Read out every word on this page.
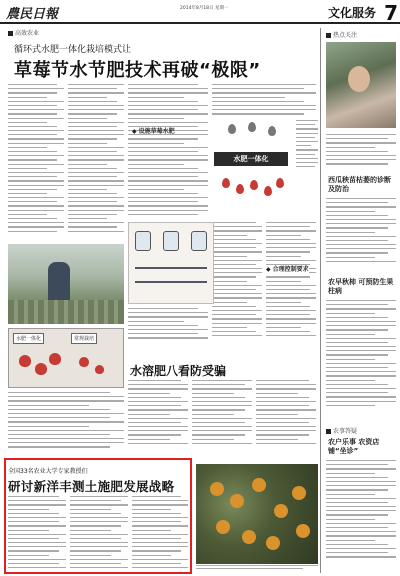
農民日報	2014年8月18日 星期一	文化服务 7
高效农业
循环式水肥一体化栽培模式让
草莓节水节肥技术再破“极限”
◆ 设施草莓水肥
水肥一体化
◆ 合理控制要求
水肥一体化	常规栽培
水溶肥八看防受骗
热点关注
西瓜秧苗枯萎的诊断及防治
农早秋柿 可预防生果柱病
农事答疑
农户乐事 农资店铺“坐诊”
全国33名农业大学专家教授们
研讨新洋丰测土施肥发展战略
